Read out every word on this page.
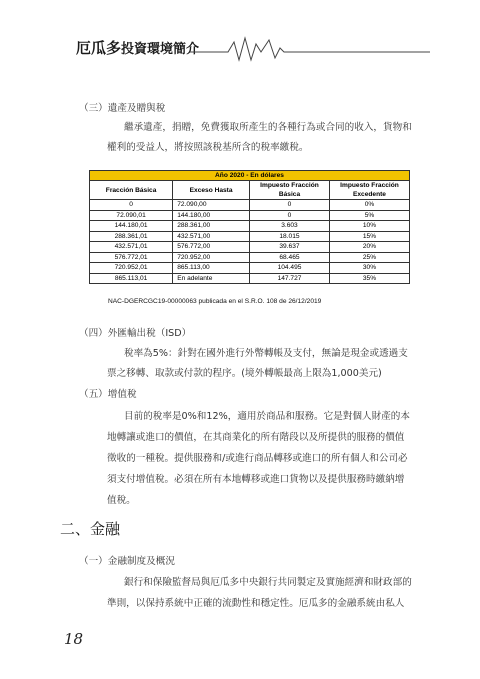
厄瓜多投資環境簡介
（三）遺產及贈與稅
繼承遺產，捐贈，免費獲取所產生的各種行為或合同的收入，貨物和
權利的受益人，將按照該稅基所含的稅率繳稅。
Año 2020 - En dólares			
Fracción Básica	Exceso Hasta	Impuesto Fracción Básica	Impuesto Fracción Excedente
0	72.090,00	0	0%
72.090,01	144.180,00	0	5%
144.180,01	288.361,00	3.603	10%
288.361,01	432.571,00	18.015	15%
432.571,01	576.772,00	39.637	20%
576.772,01	720.952,00	68.465	25%
720.952,01	865.113,00	104.495	30%
865.113,01	En adelante	147.727	35%
NAC-DGERCGC19-00000063 publicada en el S.R.O. 108 de 26/12/2019
（四）外匯輸出稅（ISD）
稅率為5%：針對在國外進行外幣轉帳及支付，無論是現金或透過支
票之移轉、取款或付款的程序。(境外轉帳最高上限為1,000美元)
（五）增值稅
目前的稅率是0%和12%，適用於商品和服務。它是對個人財產的本
地轉讓或進口的價值，在其商業化的所有階段以及所提供的服務的價值
徵收的一種稅。提供服務和/或進行商品轉移或進口的所有個人和公司必
須支付增值稅。必須在所有本地轉移或進口貨物以及提供服務時繳納增
值稅。
二、金融
（一）金融制度及概況
銀行和保險監督局與厄瓜多中央銀行共同製定及實施經濟和財政部的
準則，以保持系統中正確的流動性和穩定性。厄瓜多的金融系統由私人
18
